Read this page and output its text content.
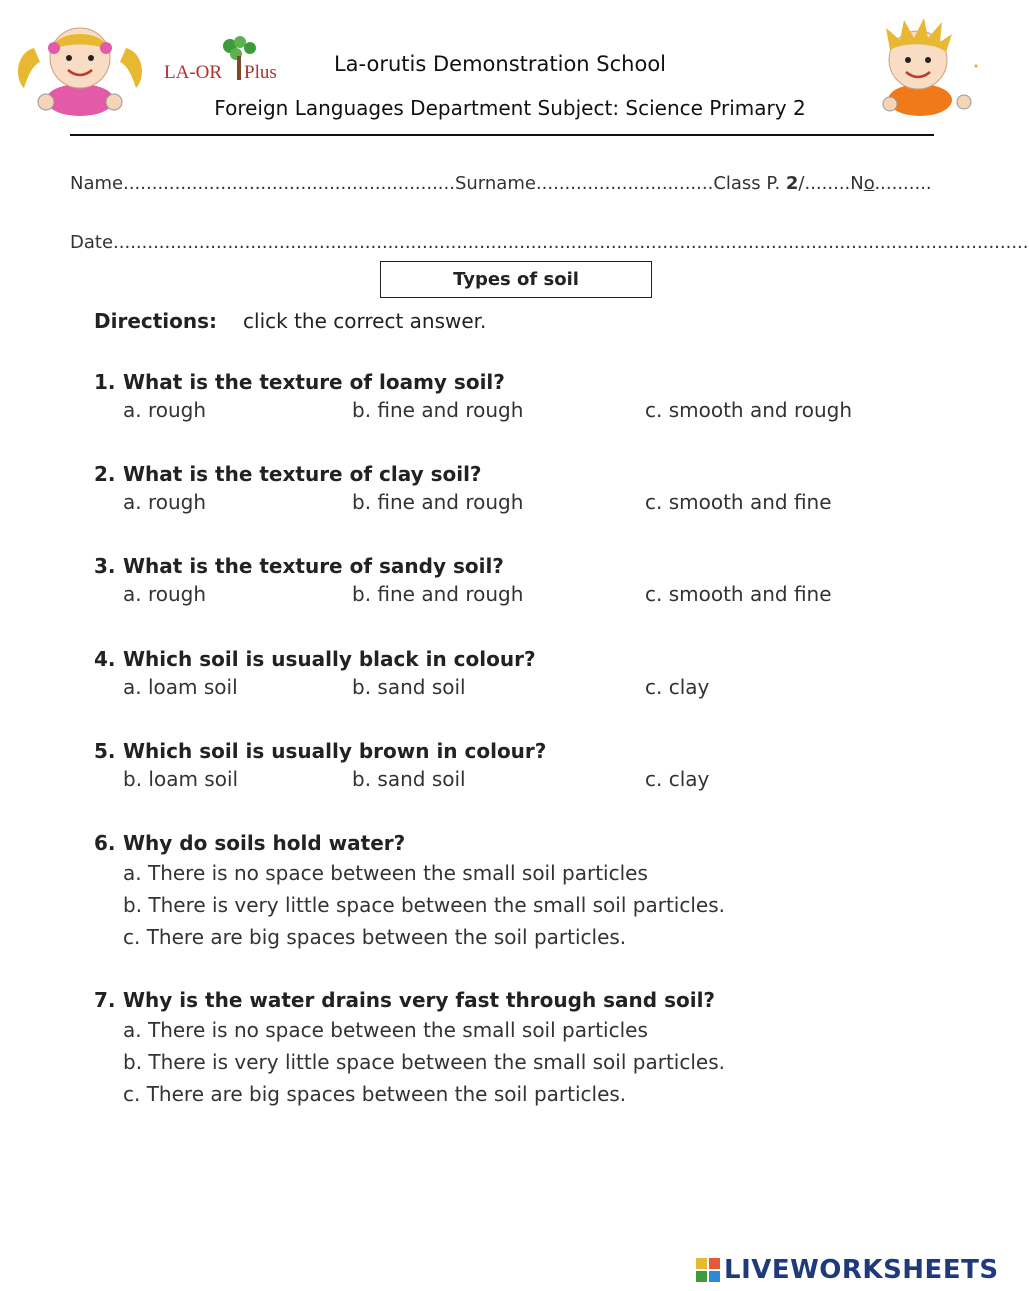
LA-OR Plus	La-orutis Demonstration School
Foreign Languages Department Subject: Science Primary 2
Name..........................................................Surname...............................Class P. 2/........No..........
Date................................................................................................................................................................
Types of soil
Directions: click the correct answer.
1. What is the texture of loamy soil?
a. rough	b. fine and rough	c. smooth and rough
2. What is the texture of clay soil?
a. rough	b. fine and rough	c. smooth and fine
3. What is the texture of sandy soil?
a. rough	b. fine and rough	c. smooth and fine
4. Which soil is usually black in colour?
a. loam soil	b. sand soil	c. clay
5. Which soil is usually brown in colour?
b. loam soil	b. sand soil	c. clay
6. Why do soils hold water?
a. There is no space between the small soil particles
b. There is very little space between the small soil particles.
c. There are big spaces between the soil particles.
7. Why is the water drains very fast through sand soil?
a. There is no space between the small soil particles
b. There is very little space between the small soil particles.
c. There are big spaces between the soil particles.
LIVEWORKSHEETS
